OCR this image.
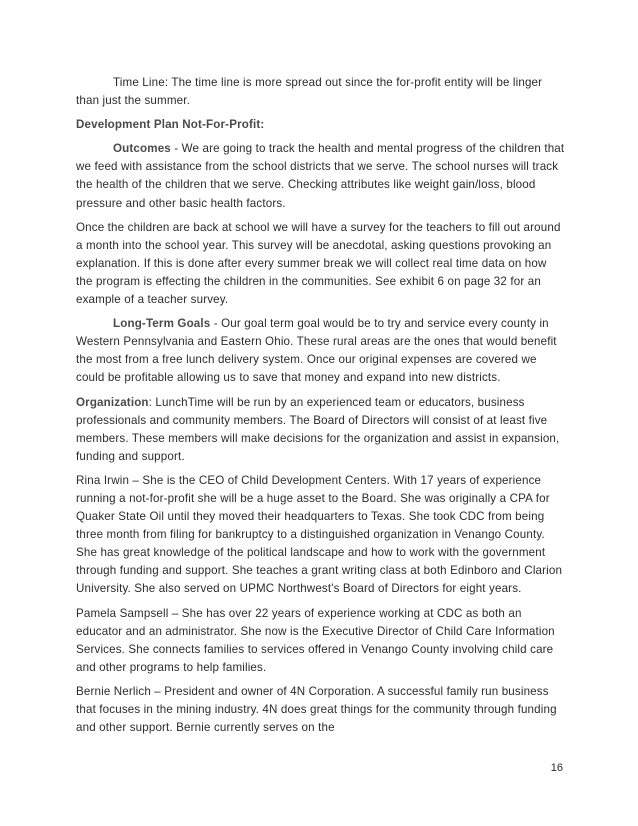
Time Line: The time line is more spread out since the for-profit entity will be linger than just the summer.

Development Plan Not-For-Profit:

Outcomes - We are going to track the health and mental progress of the children that we feed with assistance from the school districts that we serve. The school nurses will track the health of the children that we serve. Checking attributes like weight gain/loss, blood pressure and other basic health factors.

Once the children are back at school we will have a survey for the teachers to fill out around a month into the school year. This survey will be anecdotal, asking questions provoking an explanation. If this is done after every summer break we will collect real time data on how the program is effecting the children in the communities. See exhibit 6 on page 32 for an example of a teacher survey.

Long-Term Goals - Our goal term goal would be to try and service every county in Western Pennsylvania and Eastern Ohio. These rural areas are the ones that would benefit the most from a free lunch delivery system. Once our original expenses are covered we could be profitable allowing us to save that money and expand into new districts.

Organization: LunchTime will be run by an experienced team or educators, business professionals and community members. The Board of Directors will consist of at least five members. These members will make decisions for the organization and assist in expansion, funding and support.

Rina Irwin – She is the CEO of Child Development Centers. With 17 years of experience running a not-for-profit she will be a huge asset to the Board. She was originally a CPA for Quaker State Oil until they moved their headquarters to Texas. She took CDC from being three month from filing for bankruptcy to a distinguished organization in Venango County. She has great knowledge of the political landscape and how to work with the government through funding and support. She teaches a grant writing class at both Edinboro and Clarion University. She also served on UPMC Northwest's Board of Directors for eight years.

Pamela Sampsell – She has over 22 years of experience working at CDC as both an educator and an administrator. She now is the Executive Director of Child Care Information Services. She connects families to services offered in Venango County involving child care and other programs to help families.

Bernie Nerlich – President and owner of 4N Corporation. A successful family run business that focuses in the mining industry. 4N does great things for the community through funding and other support. Bernie currently serves on the

16
